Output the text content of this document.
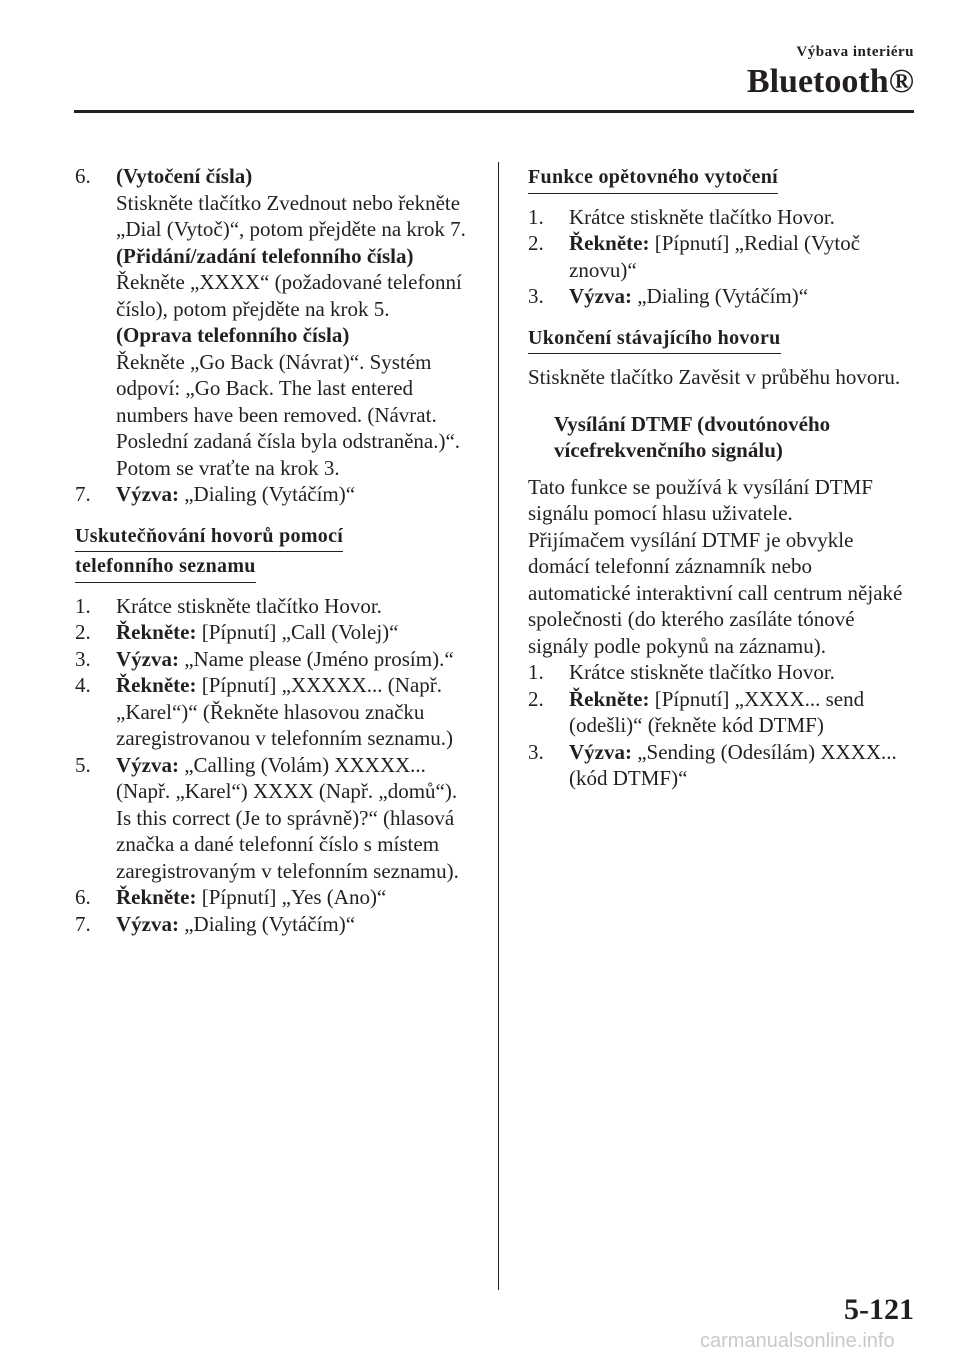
Výbava interiéru

Bluetooth®
6. (Vytočení čísla)
Stiskněte tlačítko Zvednout nebo řekněte „Dial (Vytoč)“, potom přejděte na krok 7.
(Přidání/zadání telefonního čísla)
Řekněte „XXXX“ (požadované telefonní číslo), potom přejděte na krok 5.
(Oprava telefonního čísla)
Řekněte „Go Back (Návrat)“. Systém odpoví: „Go Back. The last entered numbers have been removed. (Návrat. Poslední zadaná čísla byla odstraněna.)“. Potom se vraťte na krok 3.
7. Výzva: „Dialing (Vytáčím)“
Uskutečňování hovorů pomocí
telefonního seznamu
1. Krátce stiskněte tlačítko Hovor.
2. Řekněte: [Pípnutí] „Call (Volej)“
3. Výzva: „Name please (Jméno prosím).“
4. Řekněte: [Pípnutí] „XXXXX... (Např. „Karel“)“ (Řekněte hlasovou značku zaregistrovanou v telefonním seznamu.)
5. Výzva: „Calling (Volám) XXXXX... (Např. „Karel“) XXXX (Např. „domů“). Is this correct (Je to správně)?“ (hlasová značka a dané telefonní číslo s místem zaregistrovaným v telefonním seznamu).
6. Řekněte: [Pípnutí] „Yes (Ano)“
7. Výzva: „Dialing (Vytáčím)“
Funkce opětovného vytočení
1. Krátce stiskněte tlačítko Hovor.
2. Řekněte: [Pípnutí] „Redial (Vytoč znovu)“
3. Výzva: „Dialing (Vytáčím)“
Ukončení stávajícího hovoru
Stiskněte tlačítko Zavěsit v průběhu hovoru.
Vysílání DTMF (dvoutónového vícefrekvenčního signálu)
Tato funkce se používá k vysílání DTMF signálu pomocí hlasu uživatele.
Přijímačem vysílání DTMF je obvykle domácí telefonní záznamník nebo automatické interaktivní call centrum nějaké společnosti (do kterého zasíláte tónové signály podle pokynů na záznamu).
1. Krátce stiskněte tlačítko Hovor.
2. Řekněte: [Pípnutí] „XXXX... send (odešli)“ (řekněte kód DTMF)
3. Výzva: „Sending (Odesílám) XXXX... (kód DTMF)“

5-121

carmanualsonline.info
